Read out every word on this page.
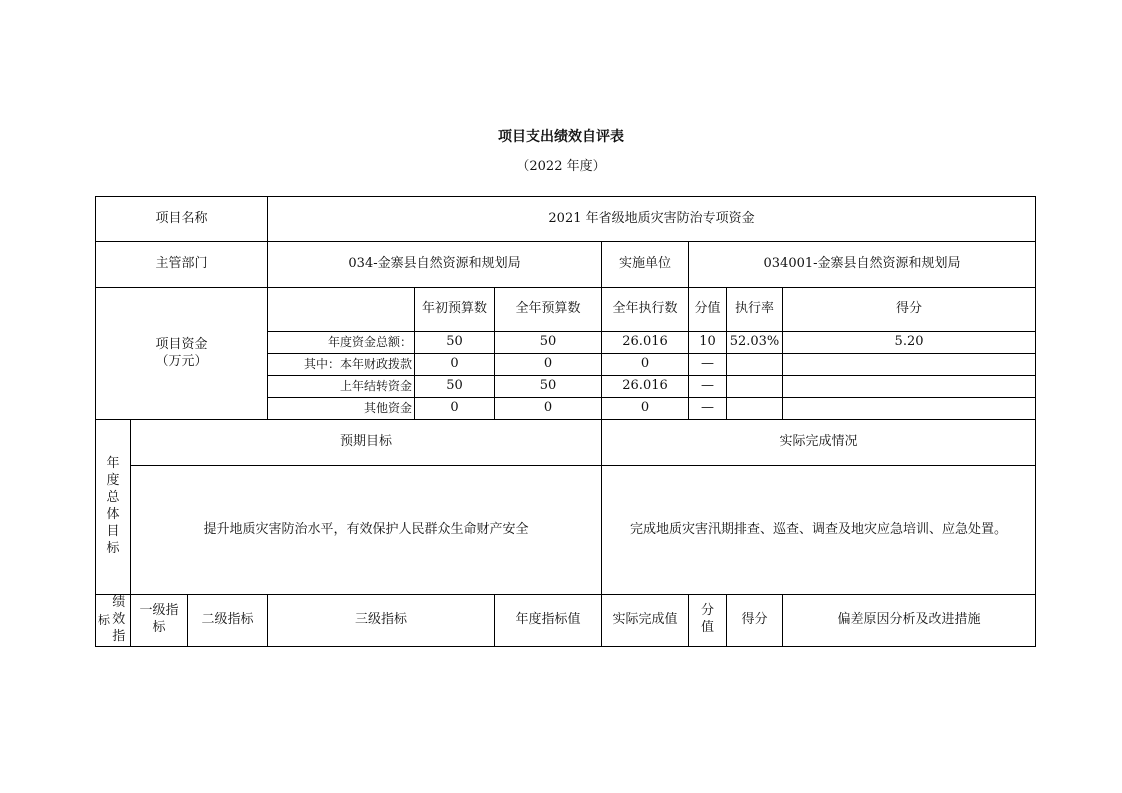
项目支出绩效自评表
（2022 年度）
项目名称				2021 年省级地质灾害防治专项资金						
主管部门				034-金寨县自然资源和规划局			实施单位	034001-金寨县自然资源和规划局		

项目资金
（万元）					年初预算数	全年预算数	全年执行数	分值	执行率	得分
				年度资金总额：	50	50	26.016	10	52.03%	5.20
				其中：本年财政拨款	0	0	0	—		
				上年结转资金	50	50	26.016	—		
				其他资金	0	0	0	—		

年度总体目标		预期目标					实际完成情况			
		提升地质灾害防治水平，有效保护人民群众生命财产安全					完成地质灾害汛期排查、巡查、调查及地灾应急培训、应急处置。			
标	绩效指	一级指标	二级指标	三级指标		年度指标值	实际完成值	分值	得分	偏差原因分析及改进措施
